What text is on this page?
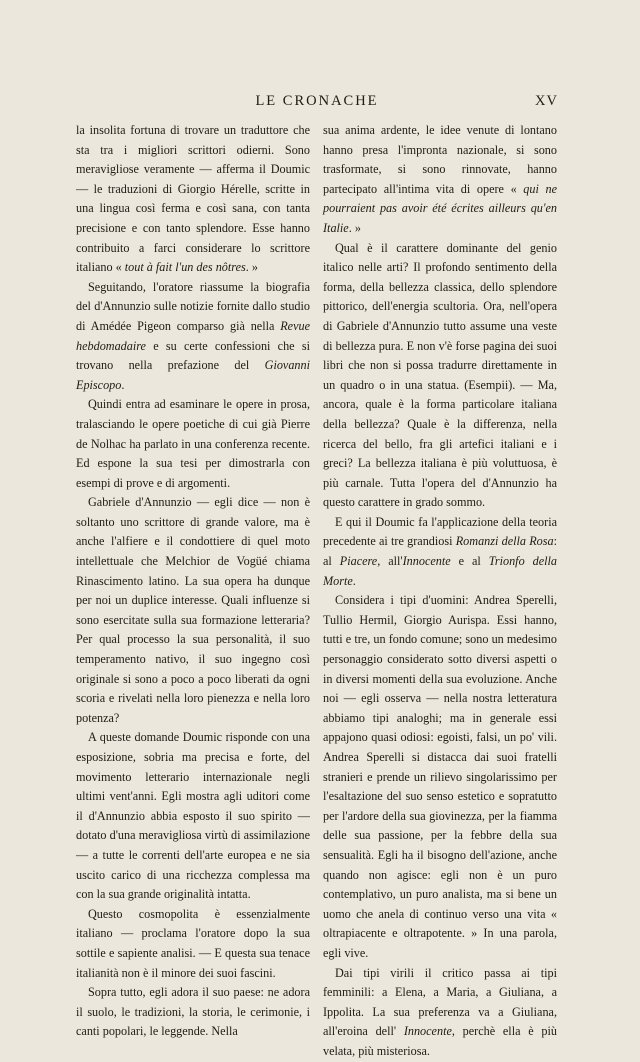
LE CRONACHE	XV

la insolita fortuna di trovare un traduttore che sta tra i migliori scrittori odierni. Sono meravigliose veramente — afferma il Doumic — le traduzioni di Giorgio Hérelle, scritte in una lingua così ferma e così sana, con tanta precisione e con tanto splendore. Esse hanno contribuito a farci considerare lo scrittore italiano « tout à fait l'un des nôtres. »

Seguitando, l'oratore riassume la biografia del d'Annunzio sulle notizie fornite dallo studio di Amédée Pigeon comparso già nella Revue hebdomadaire e su certe confessioni che si trovano nella prefazione del Giovanni Episcopo.

Quindi entra ad esaminare le opere in prosa, tralasciando le opere poetiche di cui già Pierre de Nolhac ha parlato in una conferenza recente. Ed espone la sua tesi per dimostrarla con esempi di prove e di argomenti.

Gabriele d'Annunzio — egli dice — non è soltanto uno scrittore di grande valore, ma è anche l'alfiere e il condottiere di quel moto intellettuale che Melchior de Vogüé chiama Rinascimento latino. La sua opera ha dunque per noi un duplice interesse. Quali influenze si sono esercitate sulla sua formazione letteraria? Per qual processo la sua personalità, il suo temperamento nativo, il suo ingegno così originale si sono a poco a poco liberati da ogni scoria e rivelati nella loro pienezza e nella loro potenza?

A queste domande Doumic risponde con una esposizione, sobria ma precisa e forte, del movimento letterario internazionale negli ultimi vent'anni. Egli mostra agli uditori come il d'Annunzio abbia esposto il suo spirito — dotato d'una meravigliosa virtù di assimilazione — a tutte le correnti dell'arte europea e ne sia uscito carico di una ricchezza complessa ma con la sua grande originalità intatta.

Questo cosmopolita è essenzialmente italiano — proclama l'oratore dopo la sua sottile e sapiente analisi. — E questa sua tenace italianità non è il minore dei suoi fascini.

Sopra tutto, egli adora il suo paese: ne adora il suolo, le tradizioni, la storia, le cerimonie, i canti popolari, le leggende. Nella

sua anima ardente, le idee venute di lontano hanno presa l'impronta nazionale, si sono trasformate, si sono rinnovate, hanno partecipato all'intima vita di opere « qui ne pourraient pas avoir été écrites ailleurs qu'en Italie. »

Qual è il carattere dominante del genio italico nelle arti? Il profondo sentimento della forma, della bellezza classica, dello splendore pittorico, dell'energia scultoria. Ora, nell'opera di Gabriele d'Annunzio tutto assume una veste di bellezza pura. E non v'è forse pagina dei suoi libri che non si possa tradurre direttamente in un quadro o in una statua. (Esempii). — Ma, ancora, quale è la forma particolare italiana della bellezza? Quale è la differenza, nella ricerca del bello, fra gli artefici italiani e i greci? La bellezza italiana è più voluttuosa, è più carnale. Tutta l'opera del d'Annunzio ha questo carattere in grado sommo.

E qui il Doumic fa l'applicazione della teoria precedente ai tre grandiosi Romanzi della Rosa: al Piacere, all'Innocente e al Trionfo della Morte.

Considera i tipi d'uomini: Andrea Sperelli, Tullio Hermil, Giorgio Aurispa. Essi hanno, tutti e tre, un fondo comune; sono un medesimo personaggio considerato sotto diversi aspetti o in diversi momenti della sua evoluzione. Anche noi — egli osserva — nella nostra letteratura abbiamo tipi analoghi; ma in generale essi appajono quasi odiosi: egoisti, falsi, un po' vili. Andrea Sperelli si distacca dai suoi fratelli stranieri e prende un rilievo singolarissimo per l'esaltazione del suo senso estetico e sopratutto per l'ardore della sua giovinezza, per la fiamma delle sua passione, per la febbre della sua sensualità. Egli ha il bisogno dell'azione, anche quando non agisce: egli non è un puro contemplativo, un puro analista, ma si bene un uomo che anela di continuo verso una vita « oltrapiacente e oltrapotente. » In una parola, egli vive.

Dai tipi virili il critico passa ai tipi femminili: a Elena, a Maria, a Giuliana, a Ippolita. La sua preferenza va a Giuliana, all'eroina dell' Innocente, perchè ella è più velata, più misteriosa.
